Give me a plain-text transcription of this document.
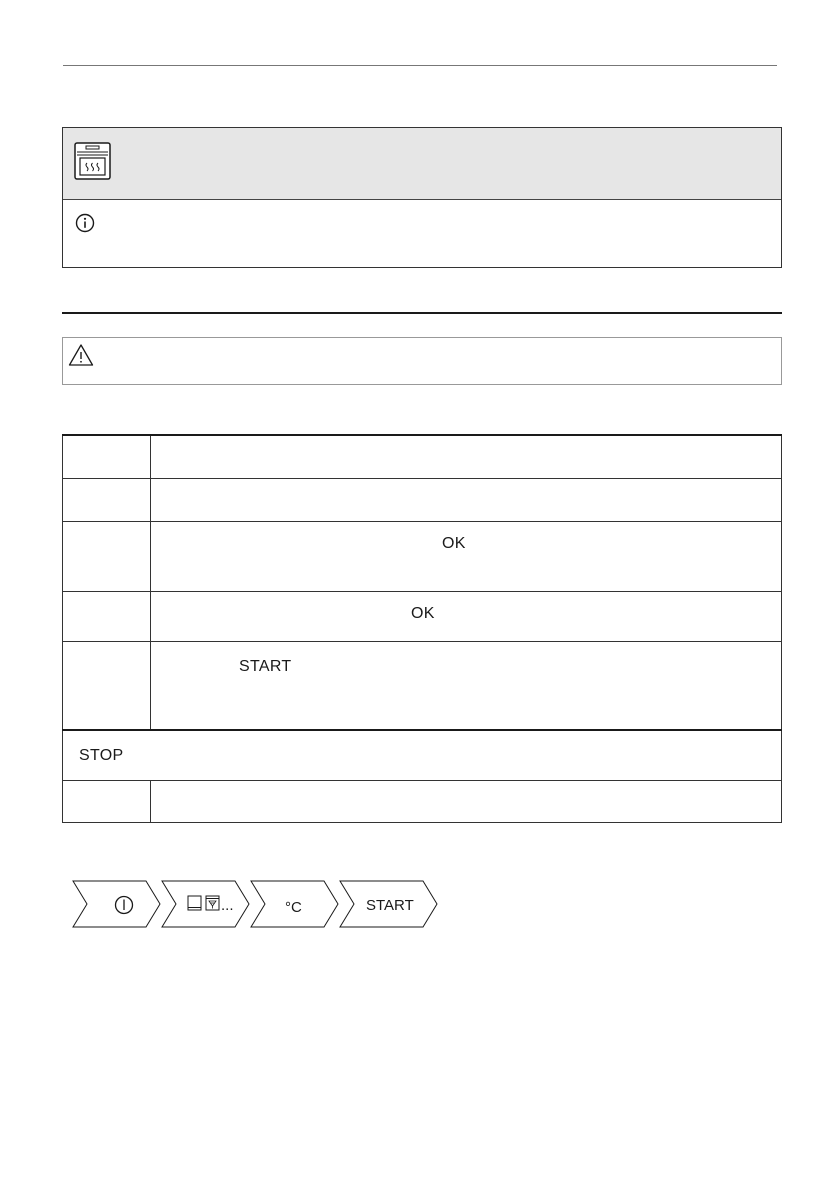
	OK

	OK

	START

STOP	

...	°C	START
